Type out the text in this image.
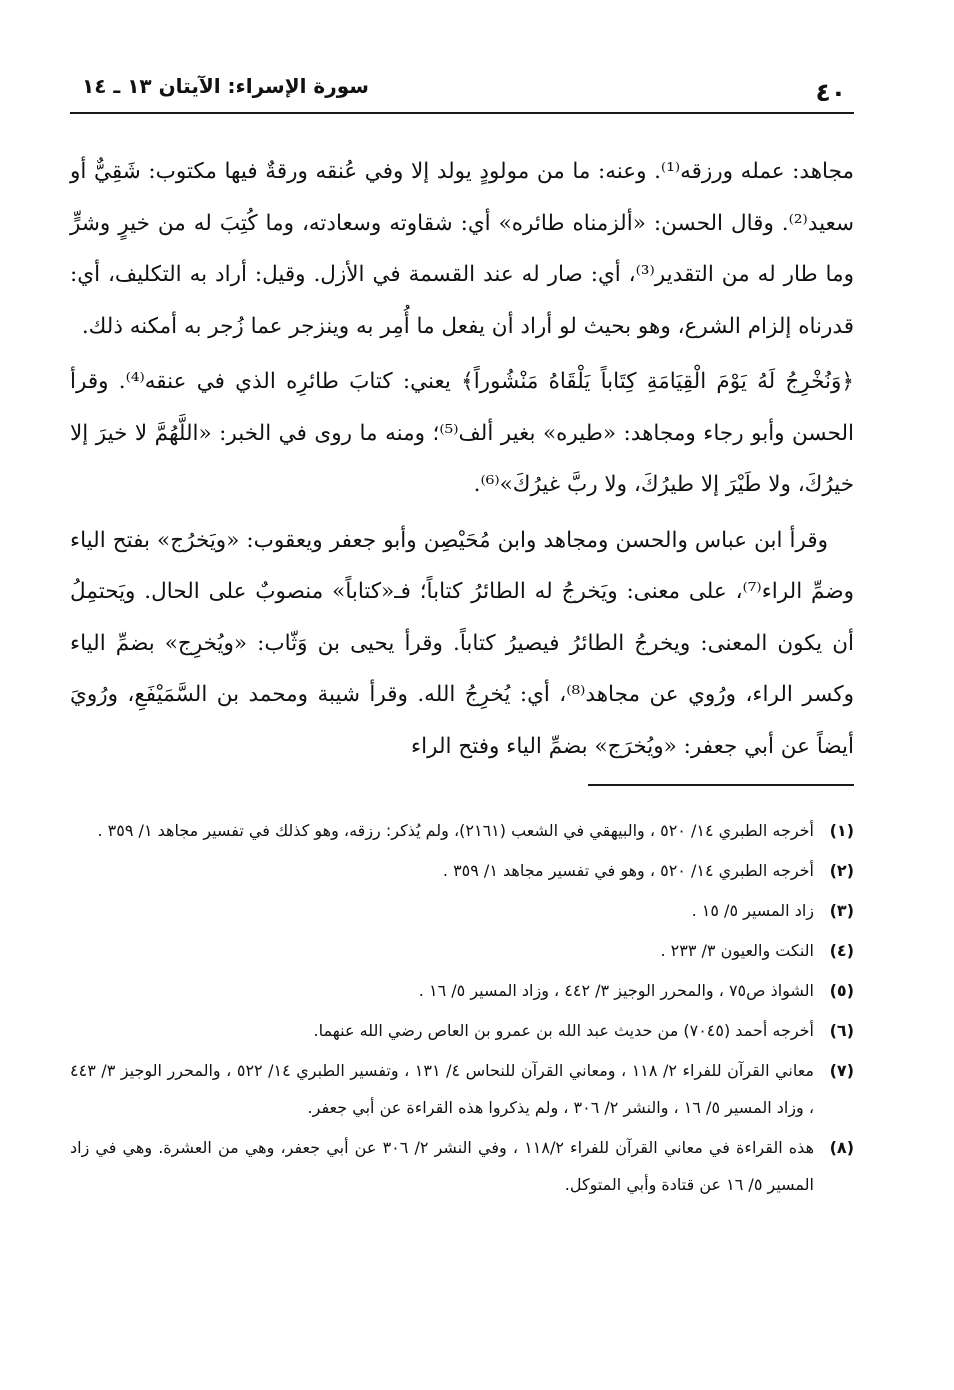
٤٠
سورة الإسراء: الآيتان ١٣ ـ ١٤

مجاهد: عمله ورزقه⁽¹⁾. وعنه: ما من مولودٍ يولد إلا وفي عُنقه ورقةٌ فيها مكتوب: شَقِيٌّ أو سعيد⁽²⁾. وقال الحسن: «ألزمناه طائره» أي: شقاوته وسعادته، وما كُتِبَ له من خيرٍ وشرٍّ وما طار له من التقدير⁽³⁾، أي: صار له عند القسمة في الأزل. وقيل: أراد به التكليف، أي: قدرناه إلزام الشرع، وهو بحيث لو أراد أن يفعل ما أُمِر به وينزجر عما زُجر به أمكنه ذلك.

﴿وَنُخْرِجُ لَهُ يَوْمَ الْقِيَامَةِ كِتَاباً يَلْقَاهُ مَنْشُوراً﴾ يعني: كتابَ طائرِه الذي في عنقه⁽⁴⁾. وقرأ الحسن وأبو رجاء ومجاهد: «طيره» بغير ألف⁽⁵⁾؛ ومنه ما روى في الخبر: «اللَّهُمَّ لا خيرَ إلا خيرُكَ، ولا طَيْرَ إلا طيرُكَ، ولا ربَّ غيرُكَ»⁽⁶⁾.

وقرأ ابن عباس والحسن ومجاهد وابن مُحَيْصِن وأبو جعفر ويعقوب: «ويَخرُج» بفتح الياء وضمِّ الراء⁽⁷⁾، على معنى: ويَخرجُ له الطائرُ كتاباً؛ فـ«كتاباً» منصوبٌ على الحال. ويَحتمِلُ أن يكون المعنى: ويخرجُ الطائرُ فيصيرُ كتاباً. وقرأ يحيى بن وَثّاب: «ويُخرِج» بضمِّ الياء وكسر الراء، ورُوي عن مجاهد⁽⁸⁾، أي: يُخرِجُ الله. وقرأ شيبة ومحمد بن السَّمَيْفَعِ، ورُويَ أيضاً عن أبي جعفر: «ويُخرَج» بضمِّ الياء وفتح الراء

(١)
أخرجه الطبري ١٤/ ٥٢٠ ، والبيهقي في الشعب (٢١٦١)، ولم يُذكر: رزقه، وهو كذلك في تفسير مجاهد ١/ ٣٥٩ .
(٢)
أخرجه الطبري ١٤/ ٥٢٠ ، وهو في تفسير مجاهد ١/ ٣٥٩ .
(٣)
زاد المسير ٥/ ١٥ .
(٤)
النكت والعيون ٣/ ٢٣٣ .
(٥)
الشواذ ص٧٥ ، والمحرر الوجيز ٣/ ٤٤٢ ، وزاد المسير ٥/ ١٦ .
(٦)
أخرجه أحمد (٧٠٤٥) من حديث عبد الله بن عمرو بن العاص رضي الله عنهما.
(٧)
معاني القرآن للفراء ٢/ ١١٨ ، ومعاني القرآن للنحاس ٤/ ١٣١ ، وتفسير الطبري ١٤/ ٥٢٢ ، والمحرر الوجيز ٣/ ٤٤٣ ، وزاد المسير ٥/ ١٦ ، والنشر ٢/ ٣٠٦ ، ولم يذكروا هذه القراءة عن أبي جعفر.
(٨)
هذه القراءة في معاني القرآن للفراء ١١٨/٢ ، وفي النشر ٢/ ٣٠٦ عن أبي جعفر، وهي من العشرة. وهي في زاد المسير ٥/ ١٦ عن قتادة وأبي المتوكل.
